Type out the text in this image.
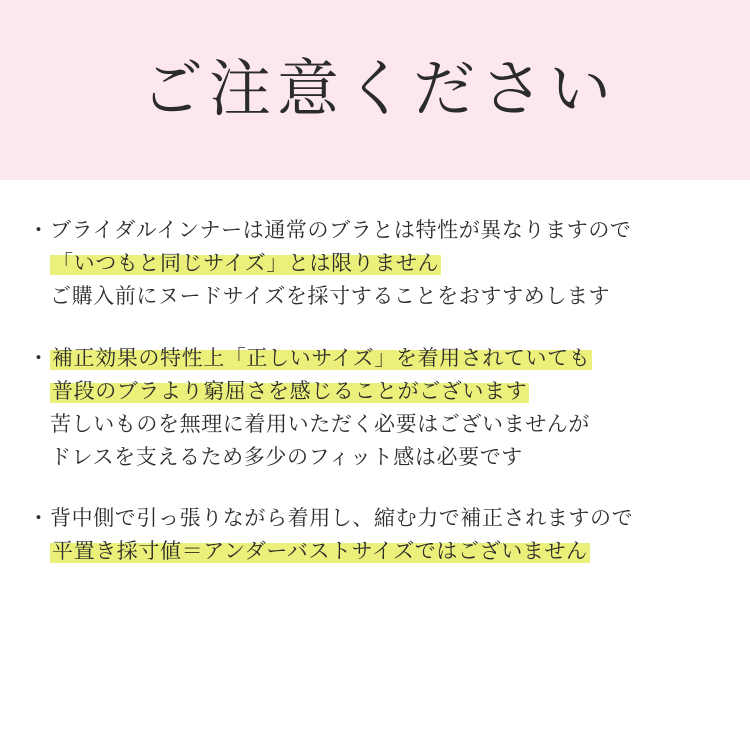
ご注意ください
・ブライダルインナーは通常のブラとは特性が異なりますので
「いつもと同じサイズ」とは限りません
ご購入前にヌードサイズを採寸することをおすすめします
・ 補正効果の特性上「正しいサイズ」を着用されていても
普段のブラより窮屈さを感じることがございます
苦しいものを無理に着用いただく必要はございませんが
ドレスを支えるため多少のフィット感は必要です
・背中側で引っ張りながら着用し、縮む力で補正されますので
平置き採寸値＝アンダーバストサイズではございません
